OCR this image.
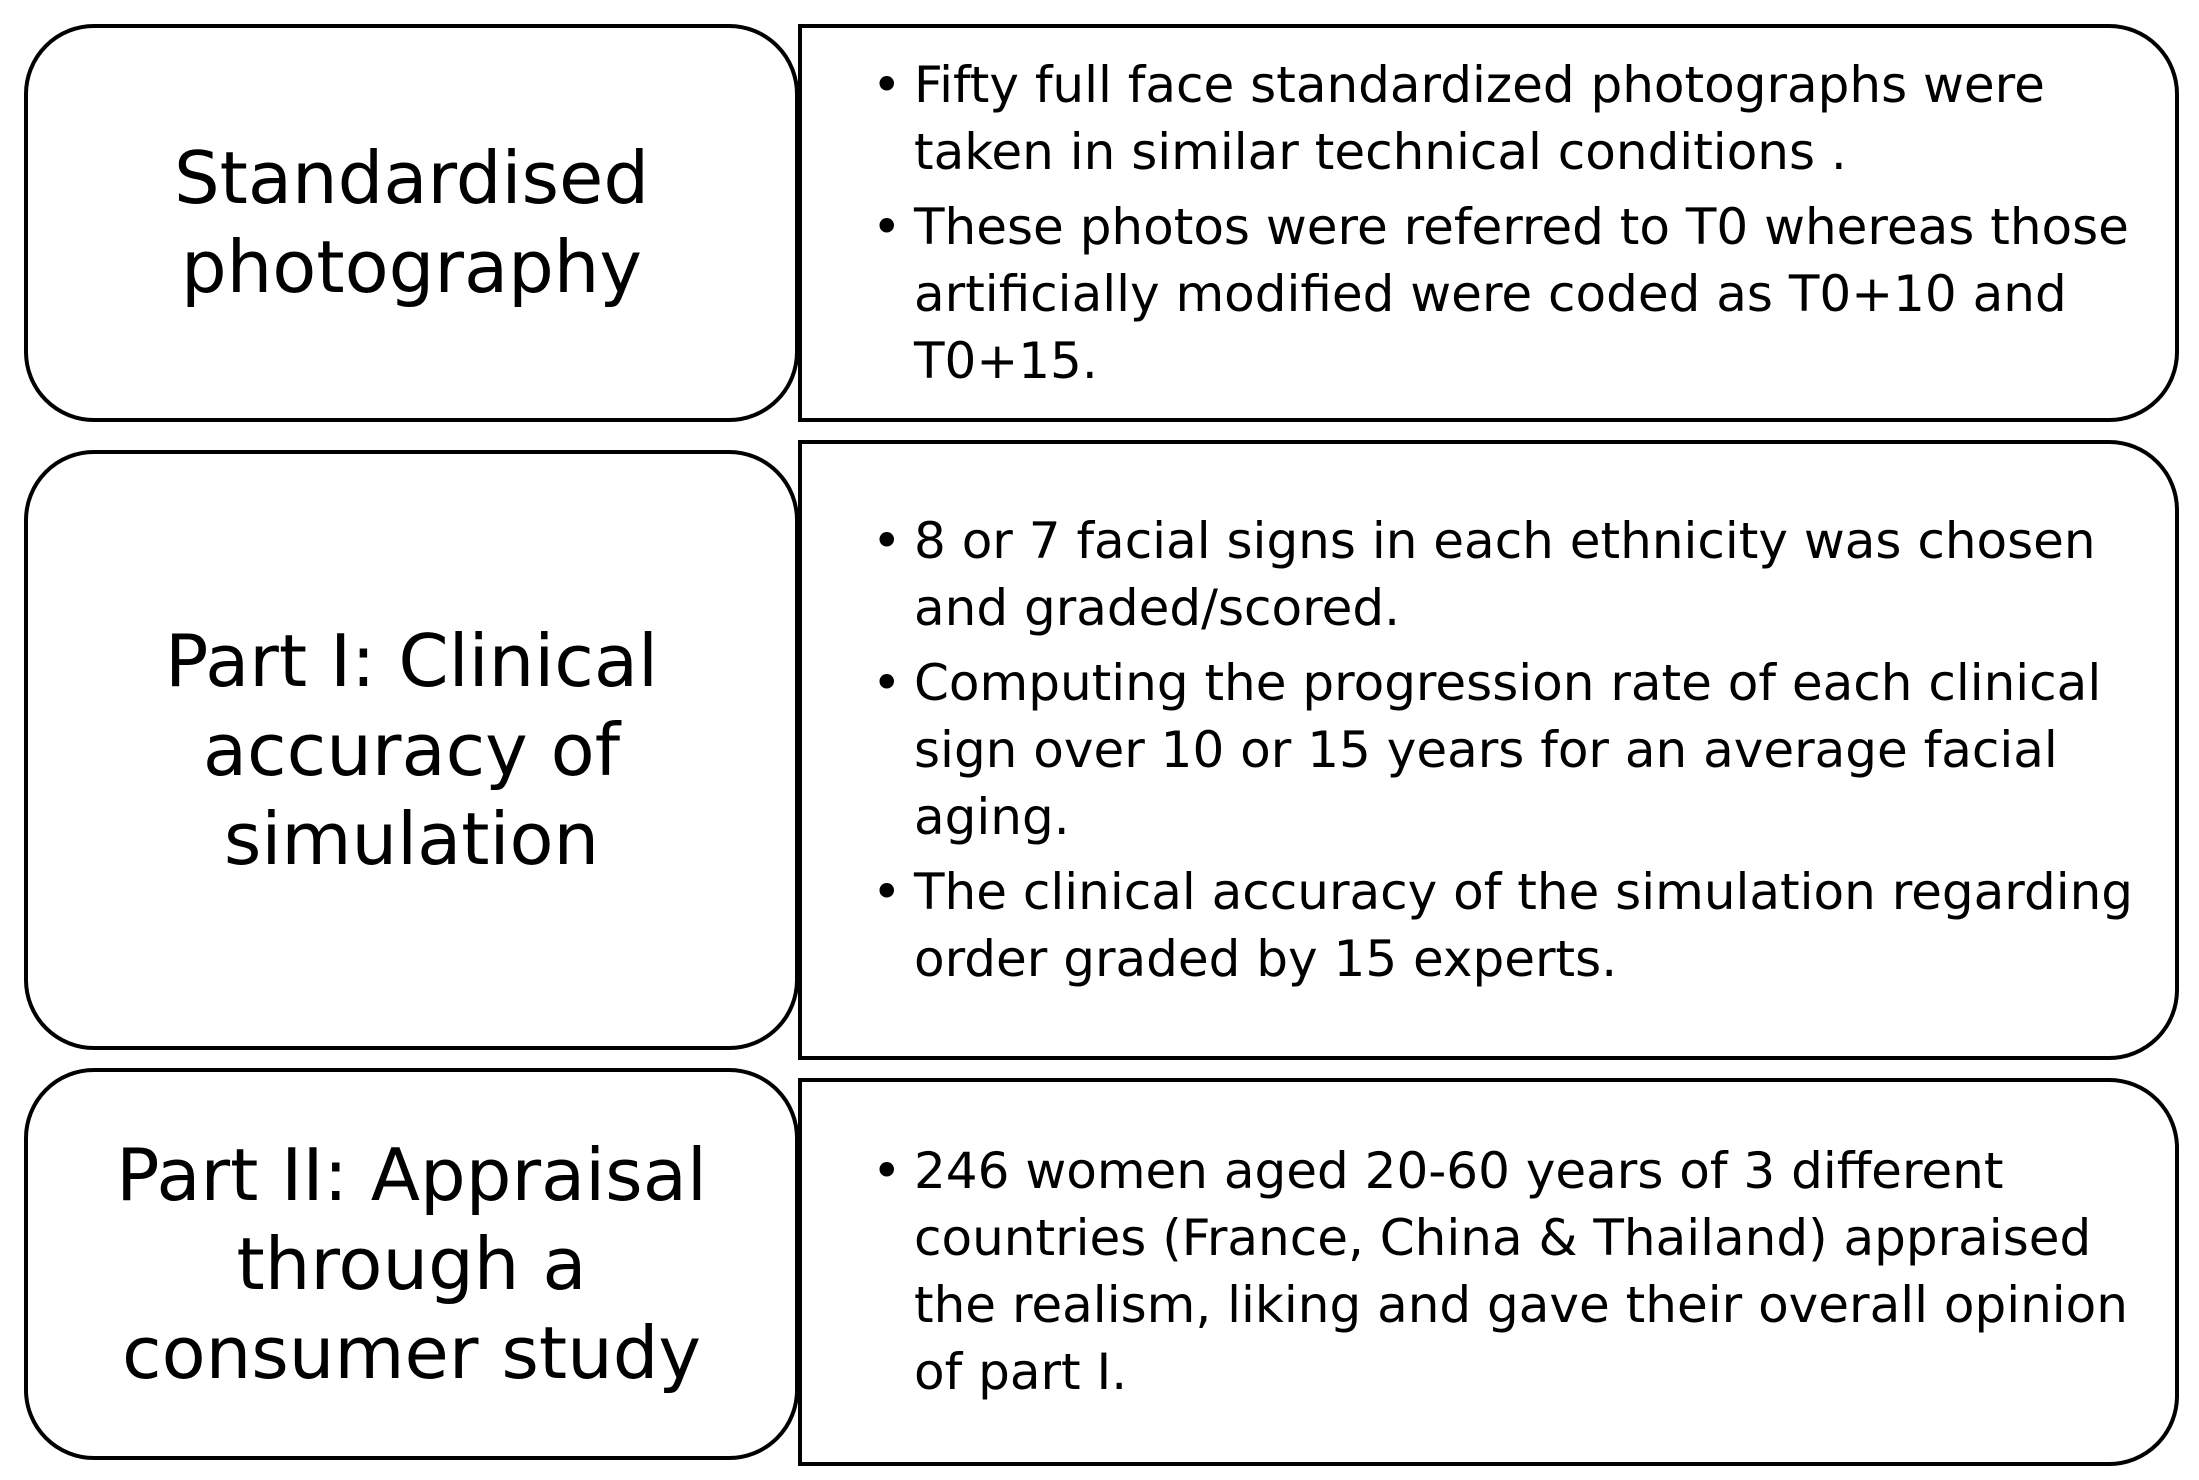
Standardised photography
• Fifty full face standardized photographs were taken in similar technical conditions .
• These photos were referred to T0 whereas those artificially modified were coded as T0+10 and T0+15.
Part I: Clinical accuracy of simulation
• 8 or 7 facial signs in each ethnicity was chosen and graded/scored.
• Computing the progression rate of each clinical sign over 10 or 15 years for an average facial aging.
• The clinical accuracy of the simulation regarding order graded by 15 experts.
Part II: Appraisal through a consumer study
• 246 women aged 20-60 years of 3 different countries (France, China & Thailand) appraised the realism, liking and gave their overall opinion of part I.
